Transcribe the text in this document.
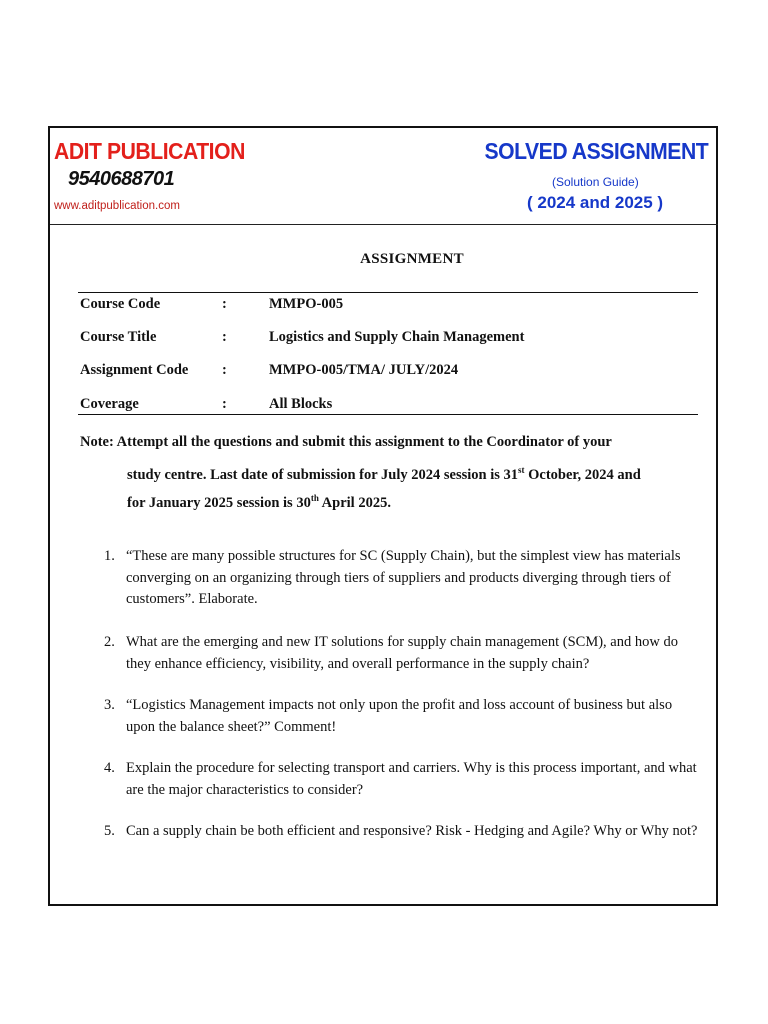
ADIT PUBLICATION
9540688701
www.aditpublication.com
SOLVED ASSIGNMENT
(Solution Guide)
( 2024 and 2025 )
ASSIGNMENT
Course Code	:	MMPO-005
Course Title	:	Logistics and Supply Chain Management
Assignment Code :	MMPO-005/TMA/ JULY/2024
Coverage	:	All Blocks
Note: Attempt all the questions and submit this assignment to the Coordinator of your
study centre. Last date of submission for July 2024 session is 31st October, 2024 and
for January 2025 session is 30th April 2025.
1. “These are many possible structures for SC (Supply Chain), but the simplest view has materials converging on an organizing through tiers of suppliers and products diverging through tiers of customers”. Elaborate.
2. What are the emerging and new IT solutions for supply chain management (SCM), and how do they enhance efficiency, visibility, and overall performance in the supply chain?
3. “Logistics Management impacts not only upon the profit and loss account of business but also upon the balance sheet?” Comment!
4. Explain the procedure for selecting transport and carriers. Why is this process important, and what are the major characteristics to consider?
5. Can a supply chain be both efficient and responsive? Risk - Hedging and Agile? Why or Why not?
